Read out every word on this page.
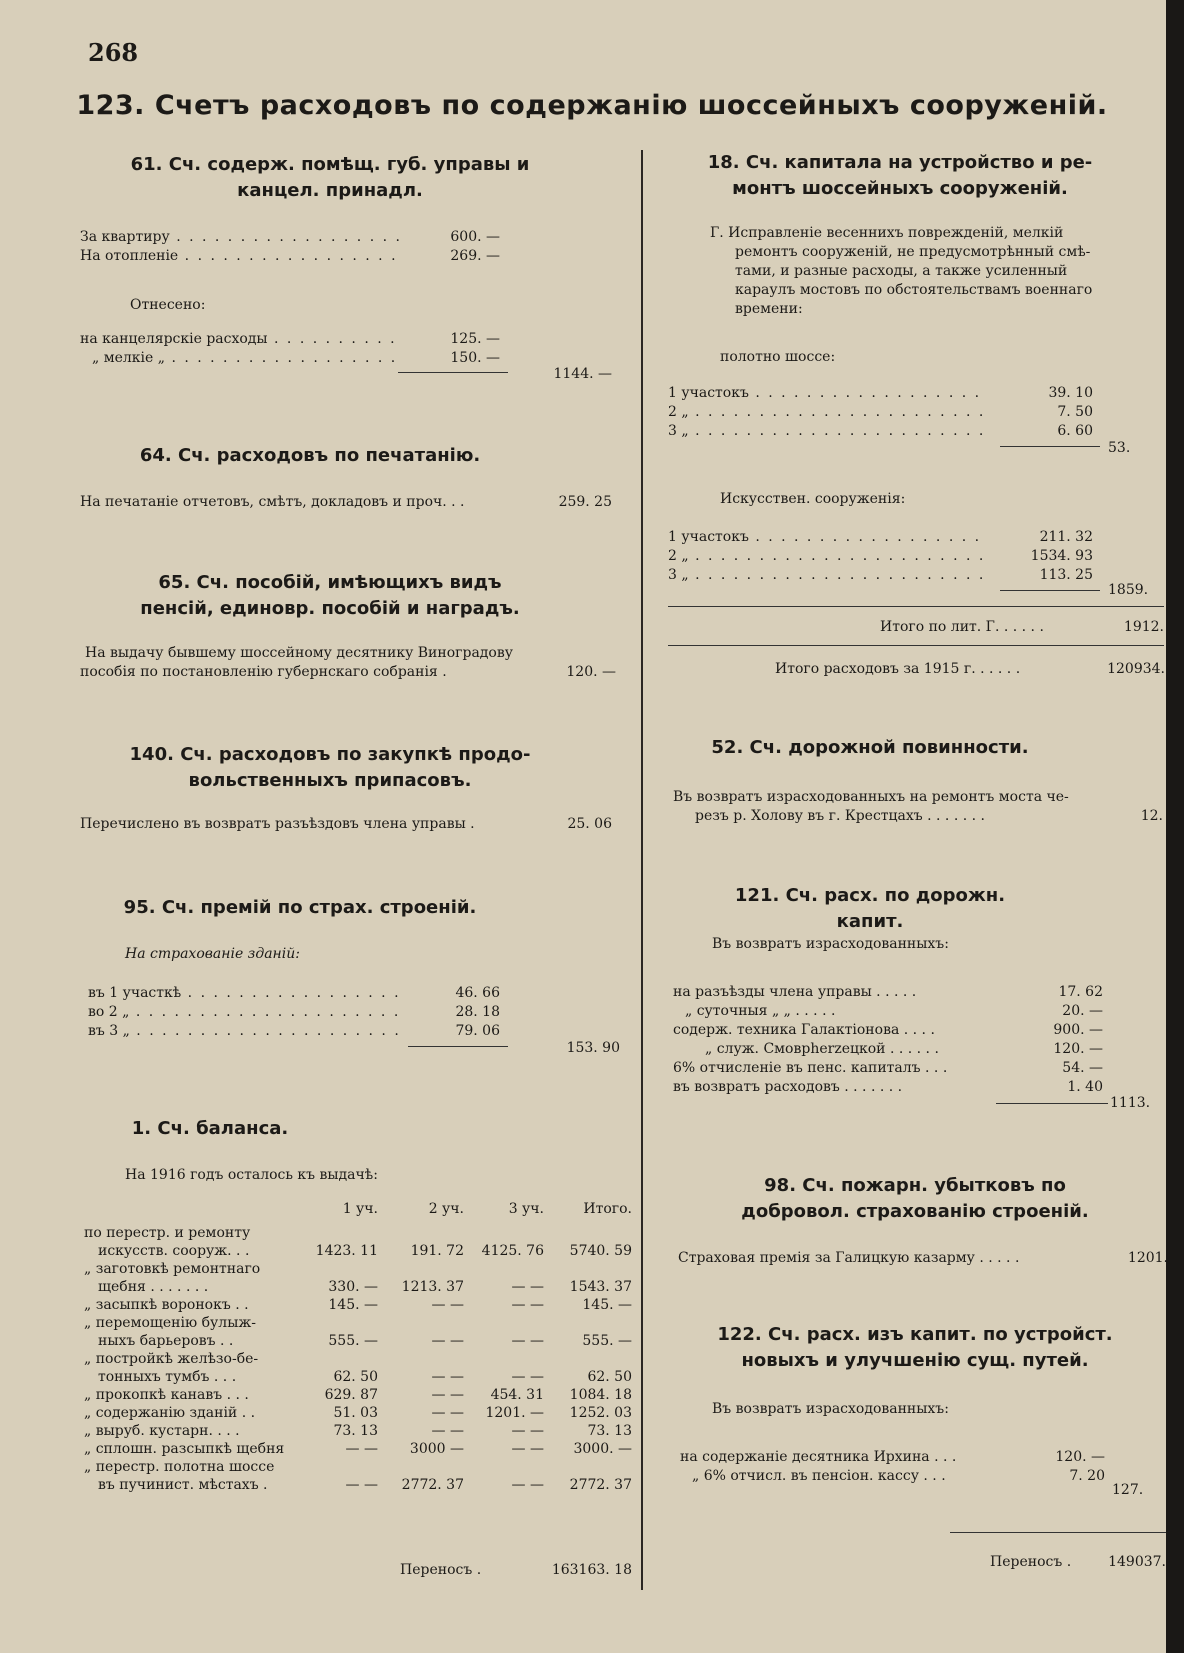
268
123. Счетъ расходовъ по содержанію шоссейныхъ сооруженій.
61. Сч. содерж. помѣщ. губ. управы и канцел. принадл.
За квартиру . . .	600. —
На отопленіе . . .	269. —
Отнесено:
на канцелярскіе расходы . . .	125. —
„ мелкіе „ . . .	150. —
1144. —
64. Сч. расходовъ по печатанію.
На печатаніе отчетовъ, смѣтъ, докладовъ и проч. . .	259. 25
65. Сч. пособій, имѣющихъ видъ пенсій, единовр. пособій и наградъ.
На выдачу бывшему шоссейному десятнику Виноградову
пособія по постановленію губернскаго собранія .	120. —
140. Сч. расходовъ по закупкѣ продо- вольственныхъ припасовъ.
Перечислено въ возвратъ разъѣздовъ члена управы .	25. 06
95. Сч. премій по страх. строеній.
На страхованіе зданій:
въ 1 участкѣ . . .	46. 66
во 2 „ . . .	28. 18
въ 3 „ . . .	79. 06
153. 90
1. Сч. баланса.
На 1916 годъ осталось къ выдачѣ:
	1 уч.	2 уч.	3 уч.	Итого.

по перестр. и ремонту				
искусств. сооруж. . .	1423. 11	191. 72	4125. 76	5740. 59
„ заготовкѣ ремонтнаго				
щебня . . . . . . .	330. —	1213. 37	— —	1543. 37
„ засыпкѣ воронокъ . .	145. —	— —	— —	145. —
„ перемощенію булыж-				
ныхъ барьеровъ . .	555. —	— —	— —	555. —
„ постройкѣ желѣзо-бе-				
тонныхъ тумбъ . . .	62. 50	— —	— —	62. 50
„ прокопкѣ канавъ . . .	629. 87	— —	454. 31	1084. 18
„ содержанію зданій . .	51. 03	— —	1201. —	1252. 03
„ выруб. кустарн. . . .	73. 13	— —	— —	73. 13
„ сплошн. разсыпкѣ щебня	— —	3000 —	— —	3000. —
„ перестр. полотна шоссе				
въ пучинист. мѣстахъ .	— —	2772. 37	— —	2772. 37
Переносъ .	163163. 18
18. Сч. капитала на устройство и ре- монтъ шоссейныхъ сооруженій.
Г. Исправленіе весеннихъ поврежденій, мелкій
ремонтъ сооруженій, не предусмотрѣнный смѣ-
тами, и разные расходы, а также усиленный
караулъ мостовъ по обстоятельствамъ военнаго
времени:
полотно шоссе:
1 участокъ . . .	39. 10
2 „ . . .	7. 50
3 „ . . .	6. 60
53.
Искусствен. сооруженія:
1 участокъ . . .	211. 32
2 „ . . .	1534. 93
3 „ . . .	113. 25
1859.
Итого по лит. Г. . . . . .	1912.
Итого расходовъ за 1915 г. . . . . .	120934.
52. Сч. дорожной повинности.
Въ возвратъ израсходованныхъ на ремонтъ моста че-
резъ р. Холову въ г. Крестцахъ . . . . . . .	12.
121. Сч. расх. по дорожн. капит.
Въ возвратъ израсходованныхъ:
на разъѣзды члена управы . . . . .	17. 62
„ суточныя „ „ . . . . .	20. —
содерж. техника Галактіонова . . . .	900. —
„ служ. Смоврherzецкой . . . . . .	120. —
6% отчисленіе въ пенс. капиталъ . . .	54. —
въ возвратъ расходовъ . . . . . . .	1. 40
1113.
98. Сч. пожарн. убытковъ по добровол. страхованію строеній.
Страховая премія за Галицкую казарму . . . . .	1201.
122. Сч. расх. изъ капит. по устройст. новыхъ и улучшенію сущ. путей.
Въ возвратъ израсходованныхъ:
на содержаніе десятника Ирхина . . .	120. —
„ 6% отчисл. въ пенсіон. кассу . . .	7. 20
127.
Переносъ .	149037.
